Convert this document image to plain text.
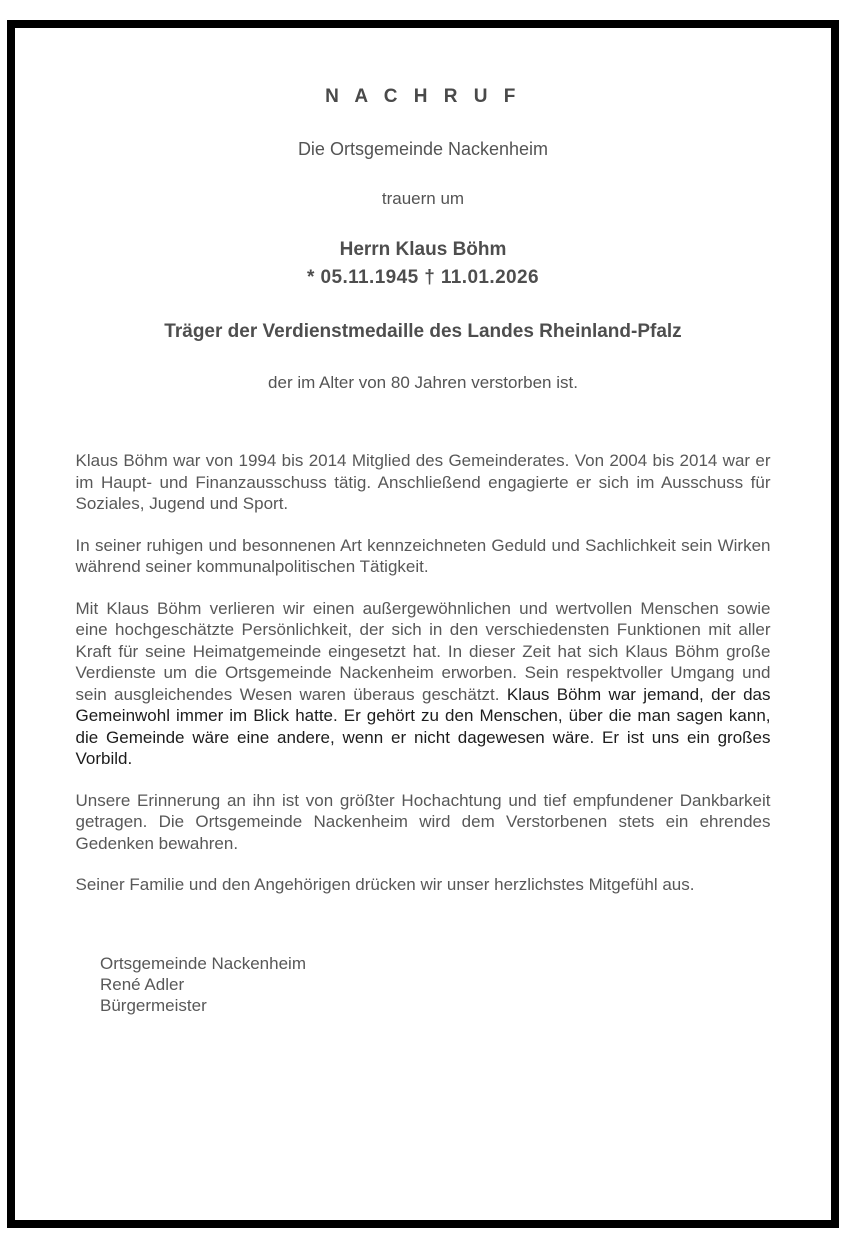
N A C H R U F

Die Ortsgemeinde Nackenheim

trauern um

Herrn Klaus Böhm

* 05.11.1945 † 11.01.2026

Träger der Verdienstmedaille des Landes Rheinland-Pfalz

der im Alter von 80 Jahren verstorben ist.

Klaus Böhm war von 1994 bis 2014 Mitglied des Gemeinderates. Von 2004 bis 2014 war er im Haupt- und Finanzausschuss tätig. Anschließend engagierte er sich im Ausschuss für Soziales, Jugend und Sport.

In seiner ruhigen und besonnenen Art kennzeichneten Geduld und Sachlichkeit sein Wirken während seiner kommunalpolitischen Tätigkeit.

Mit Klaus Böhm verlieren wir einen außergewöhnlichen und wertvollen Menschen sowie eine hochgeschätzte Persönlichkeit, der sich in den verschiedensten Funktionen mit aller Kraft für seine Heimatgemeinde eingesetzt hat. In dieser Zeit hat sich Klaus Böhm große Verdienste um die Ortsgemeinde Nackenheim erworben. Sein respektvoller Umgang und sein ausgleichendes Wesen waren überaus geschätzt. Klaus Böhm war jemand, der das Gemeinwohl immer im Blick hatte. Er gehört zu den Menschen, über die man sagen kann, die Gemeinde wäre eine andere, wenn er nicht dagewesen wäre. Er ist uns ein großes Vorbild.

Unsere Erinnerung an ihn ist von größter Hochachtung und tief empfundener Dankbarkeit getragen. Die Ortsgemeinde Nackenheim wird dem Verstorbenen stets ein ehrendes Gedenken bewahren.

Seiner Familie und den Angehörigen drücken wir unser herzlichstes Mitgefühl aus.

Ortsgemeinde Nackenheim

René Adler

Bürgermeister
